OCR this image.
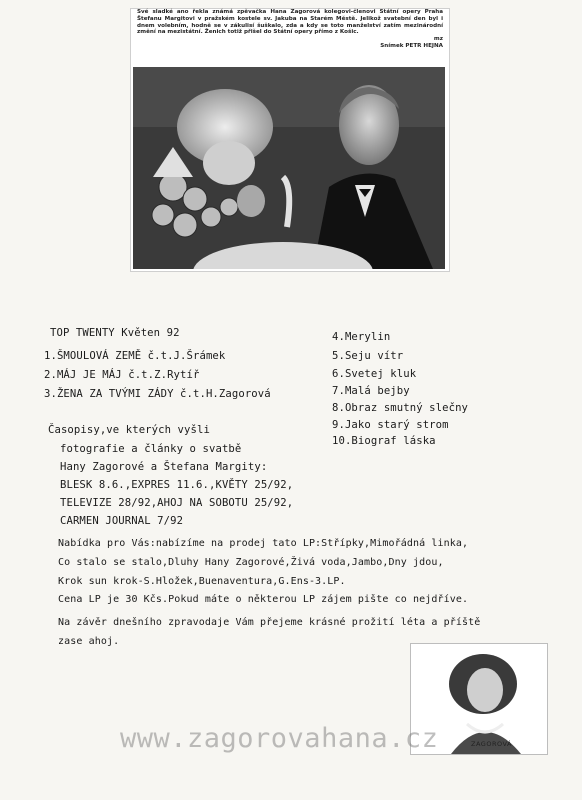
Své sladké ano řekla známá zpěvačka Hana Zagorová kolegovi-členovi Státní opery Praha Štefanu Margitovi v pražském kostele sv. Jakuba na Starém Městě. Jelikož svatební den byl i dnem volebním, hodně se v zákulisí šuškalo, zda a kdy se toto manželství zatím mezinárodní změní na mezistátní. Ženich totiž přišel do Státní opery přímo z Košic.
mz
Snímek PETR HEJNA
TOP TWENTY Květen 92
1.ŠMOULOVÁ ZEMĚ č.t.J.Šrámek
2.MÁJ JE MÁJ č.t.Z.Rytíř
3.ŽENA ZA TVÝMI ZÁDY č.t.H.Zagorová
4.Merylin
5.Seju vítr
6.Svetej kluk
7.Malá bejby
8.Obraz smutný slečny
9.Jako starý strom
10.Biograf láska
Časopisy,ve kterých vyšli
fotografie a články o svatbě
Hany Zagorové a Štefana Margity:
BLESK 8.6.,EXPRES 11.6.,KVĚTY 25/92,
TELEVIZE 28/92,AHOJ NA SOBOTU 25/92,
CARMEN JOURNAL 7/92
Nabídka pro Vás:nabízíme na prodej tato LP:Střípky,Mimořádná linka,
Co stalo se stalo,Dluhy Hany Zagorové,Živá voda,Jambo,Dny jdou,
Krok sun krok-S.Hložek,Buenaventura,G.Ens-3.LP.
Cena LP je 30 Kčs.Pokud máte o některou LP zájem pište co nejdříve.
Na závěr dnešního zpravodaje Vám přejeme krásné prožití léta a příště
zase ahoj.
ZAGOROVÁ
www.zagorovahana.cz
